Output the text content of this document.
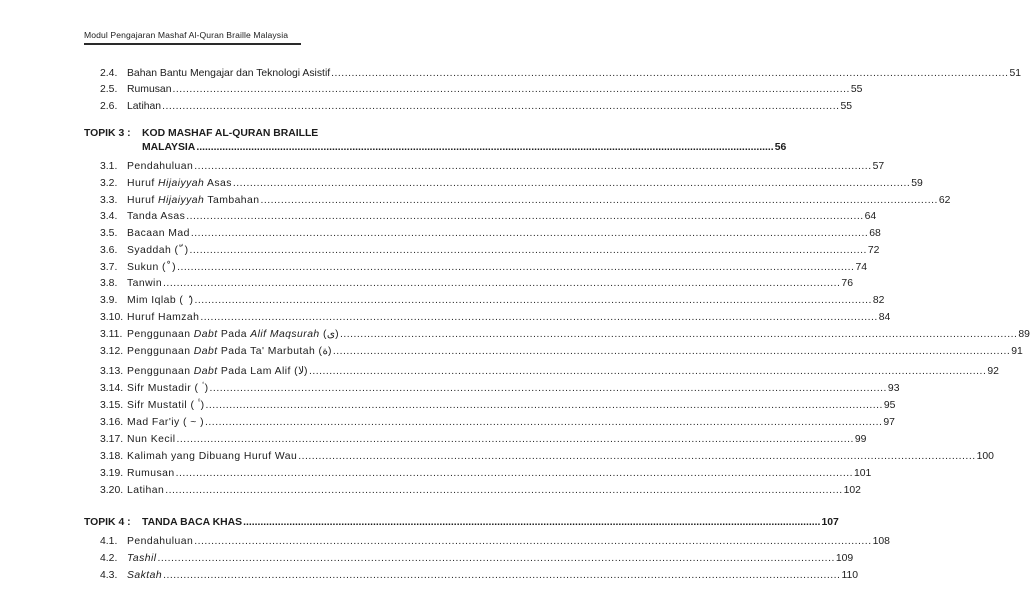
Modul Pengajaran Mashaf Al-Quran Braille Malaysia
2.4. Bahan Bantu Mengajar dan Teknologi Asistif ........................................................................................................................................................................................................ 51
2.5. Rumusan ........................................................................................................................................................................................................ 55
2.6. Latihan ........................................................................................................................................................................................................ 55
TOPIK 3 : KOD MASHAF AL-QURAN BRAILLE
MALAYSIA ........................................................................................................................................................................................................ 56
3.1. Pendahuluan ........................................................................................................................................................................................................ 57
3.2. Huruf Hijaiyyah Asas ........................................................................................................................................................................................................ 59
3.3. Huruf Hijaiyyah Tambahan ........................................................................................................................................................................................................ 62
3.4. Tanda Asas ........................................................................................................................................................................................................ 64
3.5. Bacaan Mad ........................................................................................................................................................................................................ 68
3.6. Syaddah ( ّ ) ........................................................................................................................................................................................................ 72
3.7. Sukun ( ْ ) ........................................................................................................................................................................................................ 74
3.8. Tanwin ........................................................................................................................................................................................................ 76
3.9. Mim Iqlab ( ۢ ) ........................................................................................................................................................................................................ 82
3.10. Huruf Hamzah ........................................................................................................................................................................................................ 84
3.11. Penggunaan Dabt Pada Alif Maqsurah (ى) ........................................................................................................................................................................................................ 89
3.12. Penggunaan Dabt Pada Ta' Marbutah (ة) ........................................................................................................................................................................................................ 91
3.13. Penggunaan Dabt Pada Lam Alif (لا) ........................................................................................................................................................................................................ 92
3.14. Sifr Mustadir ( ۟ ) ........................................................................................................................................................................................................ 93
3.15. Sifr Mustatil ( ۠ ) ........................................................................................................................................................................................................ 95
3.16. Mad Far'iy ( ~ ) ........................................................................................................................................................................................................ 97
3.17. Nun Kecil ........................................................................................................................................................................................................ 99
3.18. Kalimah yang Dibuang Huruf Wau ........................................................................................................................................................................................................ 100
3.19. Rumusan ........................................................................................................................................................................................................ 101
3.20. Latihan ........................................................................................................................................................................................................ 102
TOPIK 4 : TANDA BACA KHAS ........................................................................................................................................................................................................ 107
4.1. Pendahuluan ........................................................................................................................................................................................................ 108
4.2. Tashil ........................................................................................................................................................................................................ 109
4.3. Saktah ........................................................................................................................................................................................................ 110
